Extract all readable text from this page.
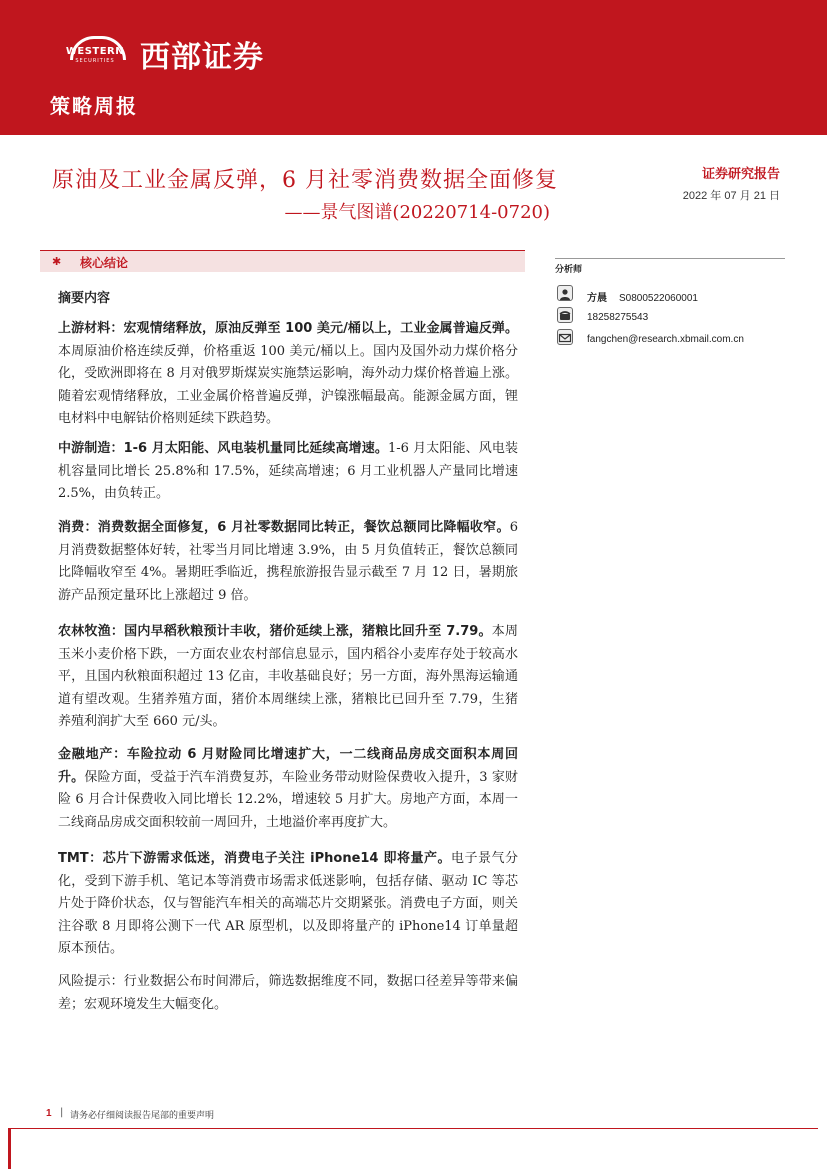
WESTERN
SECURITIES 西部证券
策略周报
原油及工业金属反弹，6 月社零消费数据全面修复
——景气图谱(20220714-0720)
证券研究报告
2022 年 07 月 21 日
✱ 核心结论
摘要内容
上游材料：宏观情绪释放，原油反弹至 100 美元/桶以上，工业金属普遍反弹。本周原油价格连续反弹，价格重返 100 美元/桶以上。国内及国外动力煤价格分化，受欧洲即将在 8 月对俄罗斯煤炭实施禁运影响，海外动力煤价格普遍上涨。随着宏观情绪释放，工业金属价格普遍反弹，沪镍涨幅最高。能源金属方面，锂电材料中电解钴价格则延续下跌趋势。
中游制造：1-6 月太阳能、风电装机量同比延续高增速。1-6 月太阳能、风电装机容量同比增长 25.8%和 17.5%，延续高增速；6 月工业机器人产量同比增速 2.5%，由负转正。
消费：消费数据全面修复，6 月社零数据同比转正，餐饮总额同比降幅收窄。6 月消费数据整体好转，社零当月同比增速 3.9%，由 5 月负值转正，餐饮总额同比降幅收窄至 4%。暑期旺季临近，携程旅游报告显示截至 7 月 12 日，暑期旅游产品预定量环比上涨超过 9 倍。
农林牧渔：国内早稻秋粮预计丰收，猪价延续上涨，猪粮比回升至 7.79。本周玉米小麦价格下跌，一方面农业农村部信息显示，国内稻谷小麦库存处于较高水平，且国内秋粮面积超过 13 亿亩，丰收基础良好；另一方面，海外黑海运输通道有望改观。生猪养殖方面，猪价本周继续上涨，猪粮比已回升至 7.79，生猪养殖利润扩大至 660 元/头。
金融地产：车险拉动 6 月财险同比增速扩大，一二线商品房成交面积本周回升。保险方面，受益于汽车消费复苏，车险业务带动财险保费收入提升，3 家财险 6 月合计保费收入同比增长 12.2%，增速较 5 月扩大。房地产方面，本周一二线商品房成交面积较前一周回升，土地溢价率再度扩大。
TMT：芯片下游需求低迷，消费电子关注 iPhone14 即将量产。电子景气分化，受到下游手机、笔记本等消费市场需求低迷影响，包括存储、驱动 IC 等芯片处于降价状态，仅与智能汽车相关的高端芯片交期紧张。消费电子方面，则关注谷歌 8 月即将公测下一代 AR 原型机，以及即将量产的 iPhone14 订单量超原本预估。
风险提示：行业数据公布时间滞后，筛选数据维度不同，数据口径差异等带来偏差；宏观环境发生大幅变化。
分析师
方晨 S0800522060001
18258275543
fangchen@research.xbmail.com.cn
1 | 请务必仔细阅读报告尾部的重要声明
